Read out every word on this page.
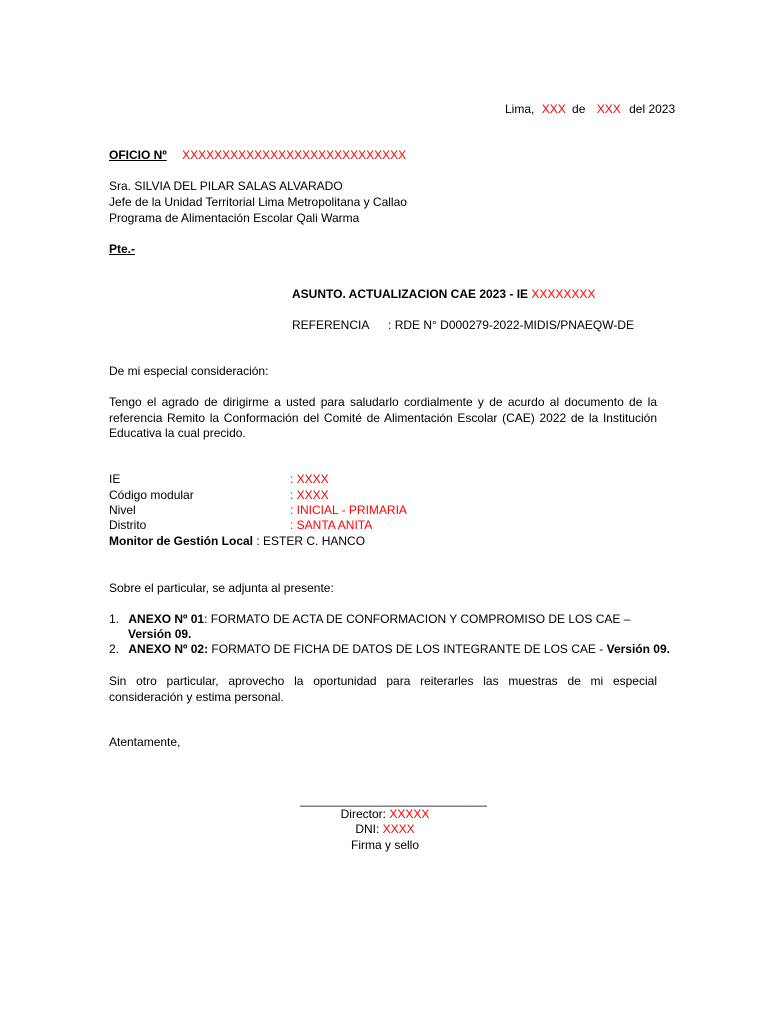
Lima, XXX de XXX del 2023
OFICIO Nº XXXXXXXXXXXXXXXXXXXXXXXXXXXX
Sra. SILVIA DEL PILAR SALAS ALVARADO
Jefe de la Unidad Territorial Lima Metropolitana y Callao
Programa de Alimentación Escolar Qali Warma
Pte.-
ASUNTO. ACTUALIZACION CAE 2023 - IE XXXXXXXX
REFERENCIA : RDE N° D000279-2022-MIDIS/PNAEQW-DE
De mi especial consideración:
Tengo el agrado de dirigirme a usted para saludarlo cordialmente y de acurdo al documento de la referencia Remito la Conformación del Comité de Alimentación Escolar (CAE) 2022 de la Institución Educativa la cual precido.
IE	: XXXX
Código modular	: XXXX
Nivel	: INICIAL - PRIMARIA
Distrito	: SANTA ANITA
Monitor de Gestión Local : ESTER C. HANCO
Sobre el particular, se adjunta al presente:
1. ANEXO Nº 01: FORMATO DE ACTA DE CONFORMACION Y COMPROMISO DE LOS CAE –
Versión 09.
2. ANEXO Nº 02: FORMATO DE FICHA DE DATOS DE LOS INTEGRANTE DE LOS CAE - Versión 09.
Sin otro particular, aprovecho la oportunidad para reiterarles las muestras de mi especial consideración y estima personal.
Atentamente,
____________________________
Director: XXXXX
DNI: XXXX
Firma y sello
